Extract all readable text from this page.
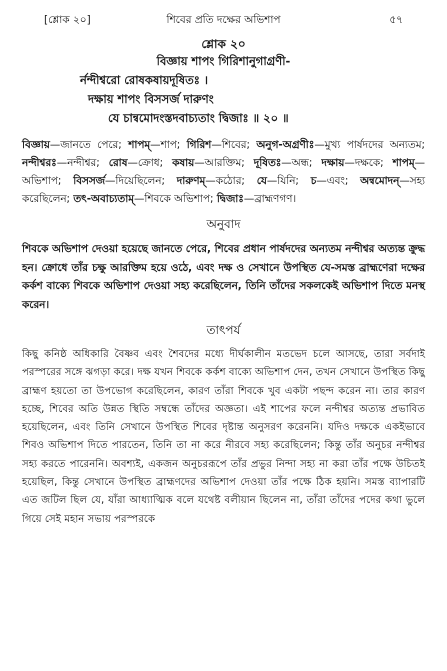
[শ্লোক ২০]	শিবের প্রতি দক্ষের অভিশাপ	৫৭
শ্লোক ২০
বিজ্ঞায় শাপং গিরিশানুগাগ্রণী-
র্নন্দীশ্বরো রোষকষায়দূষিতঃ ।
দক্ষায় শাপং বিসসর্জ দারুণং
যে চান্বমোদংস্তদবাচ্যতাং দ্বিজাঃ ॥ ২০ ॥
বিজ্ঞায়—জানতে পেরে; শাপম্—শাপ; গিরিশ—শিবের; অনুগ-অগ্রণীঃ—মুখ্য পার্ষদদের অন্যতম; নন্দীশ্বরঃ—নন্দীশ্বর; রোষ—ক্রোধ; কষায়—আরক্তিম; দূষিতঃ—অন্ধ; দক্ষায়—দক্ষকে; শাপম্—অভিশাপ; বিসসর্জ—দিয়েছিলেন; দারুণম্—কঠোর; যে—যিনি; চ—এবং; অন্বমোদন্—সহ্য করেছিলেন; তৎ-অবাচ্যতাম্—শিবকে অভিশাপ; দ্বিজাঃ—ব্রাহ্মণগণ।
অনুবাদ
শিবকে অভিশাপ দেওয়া হয়েছে জানতে পেরে, শিবের প্রধান পার্ষদদের অন্যতম নন্দীশ্বর অত্যন্ত ক্রুদ্ধ হন। ক্রোধে তাঁর চক্ষু আরক্তিম হয়ে ওঠে, এবং দক্ষ ও সেখানে উপস্থিত যে-সমস্ত ব্রাহ্মণেরা দক্ষের কর্কশ বাক্যে শিবকে অভিশাপ দেওয়া সহ্য করেছিলেন, তিনি তাঁদের সকলকেই অভিশাপ দিতে মনস্থ করেন।
তাৎপর্য
কিছু কনিষ্ঠ অধিকারি বৈষ্ণব এবং শৈবদের মধ্যে দীর্ঘকালীন মতভেদ চলে আসছে, তারা সর্বদাই পরস্পরের সঙ্গে ঝগড়া করে। দক্ষ যখন শিবকে কর্কশ বাক্যে অভিশাপ দেন, তখন সেখানে উপস্থিত কিছু ব্রাহ্মণ হয়তো তা উপভোগ করেছিলেন, কারণ তাঁরা শিবকে খুব একটা পছন্দ করেন না। তার কারণ হচ্ছে, শিবের অতি উন্নত স্থিতি সম্বন্ধে তাঁদের অজ্ঞতা। এই শাপের ফলে নন্দীশ্বর অত্যন্ত প্রভাবিত হয়েছিলেন, এবং তিনি সেখানে উপস্থিত শিবের দৃষ্টান্ত অনুসরণ করেননি। যদিও দক্ষকে একইভাবে শিবও অভিশাপ দিতে পারতেন, তিনি তা না করে নীরবে সহ্য করেছিলেন; কিন্তু তাঁর অনুচর নন্দীশ্বর সহ্য করতে পারেননি। অবশ্যই, একজন অনুচররূপে তাঁর প্রভুর নিন্দা সহ্য না করা তাঁর পক্ষে উচিতই হয়েছিল, কিন্তু সেখানে উপস্থিত ব্রাহ্মণদের অভিশাপ দেওয়া তাঁর পক্ষে ঠিক হয়নি। সমস্ত ব্যাপারটি এত জটিল ছিল যে, যাঁরা আধ্যাত্মিক বলে যথেষ্ট বলীয়ান ছিলেন না, তাঁরা তাঁদের পদের কথা ভুলে গিয়ে সেই মহান সভায় পরস্পরকে
